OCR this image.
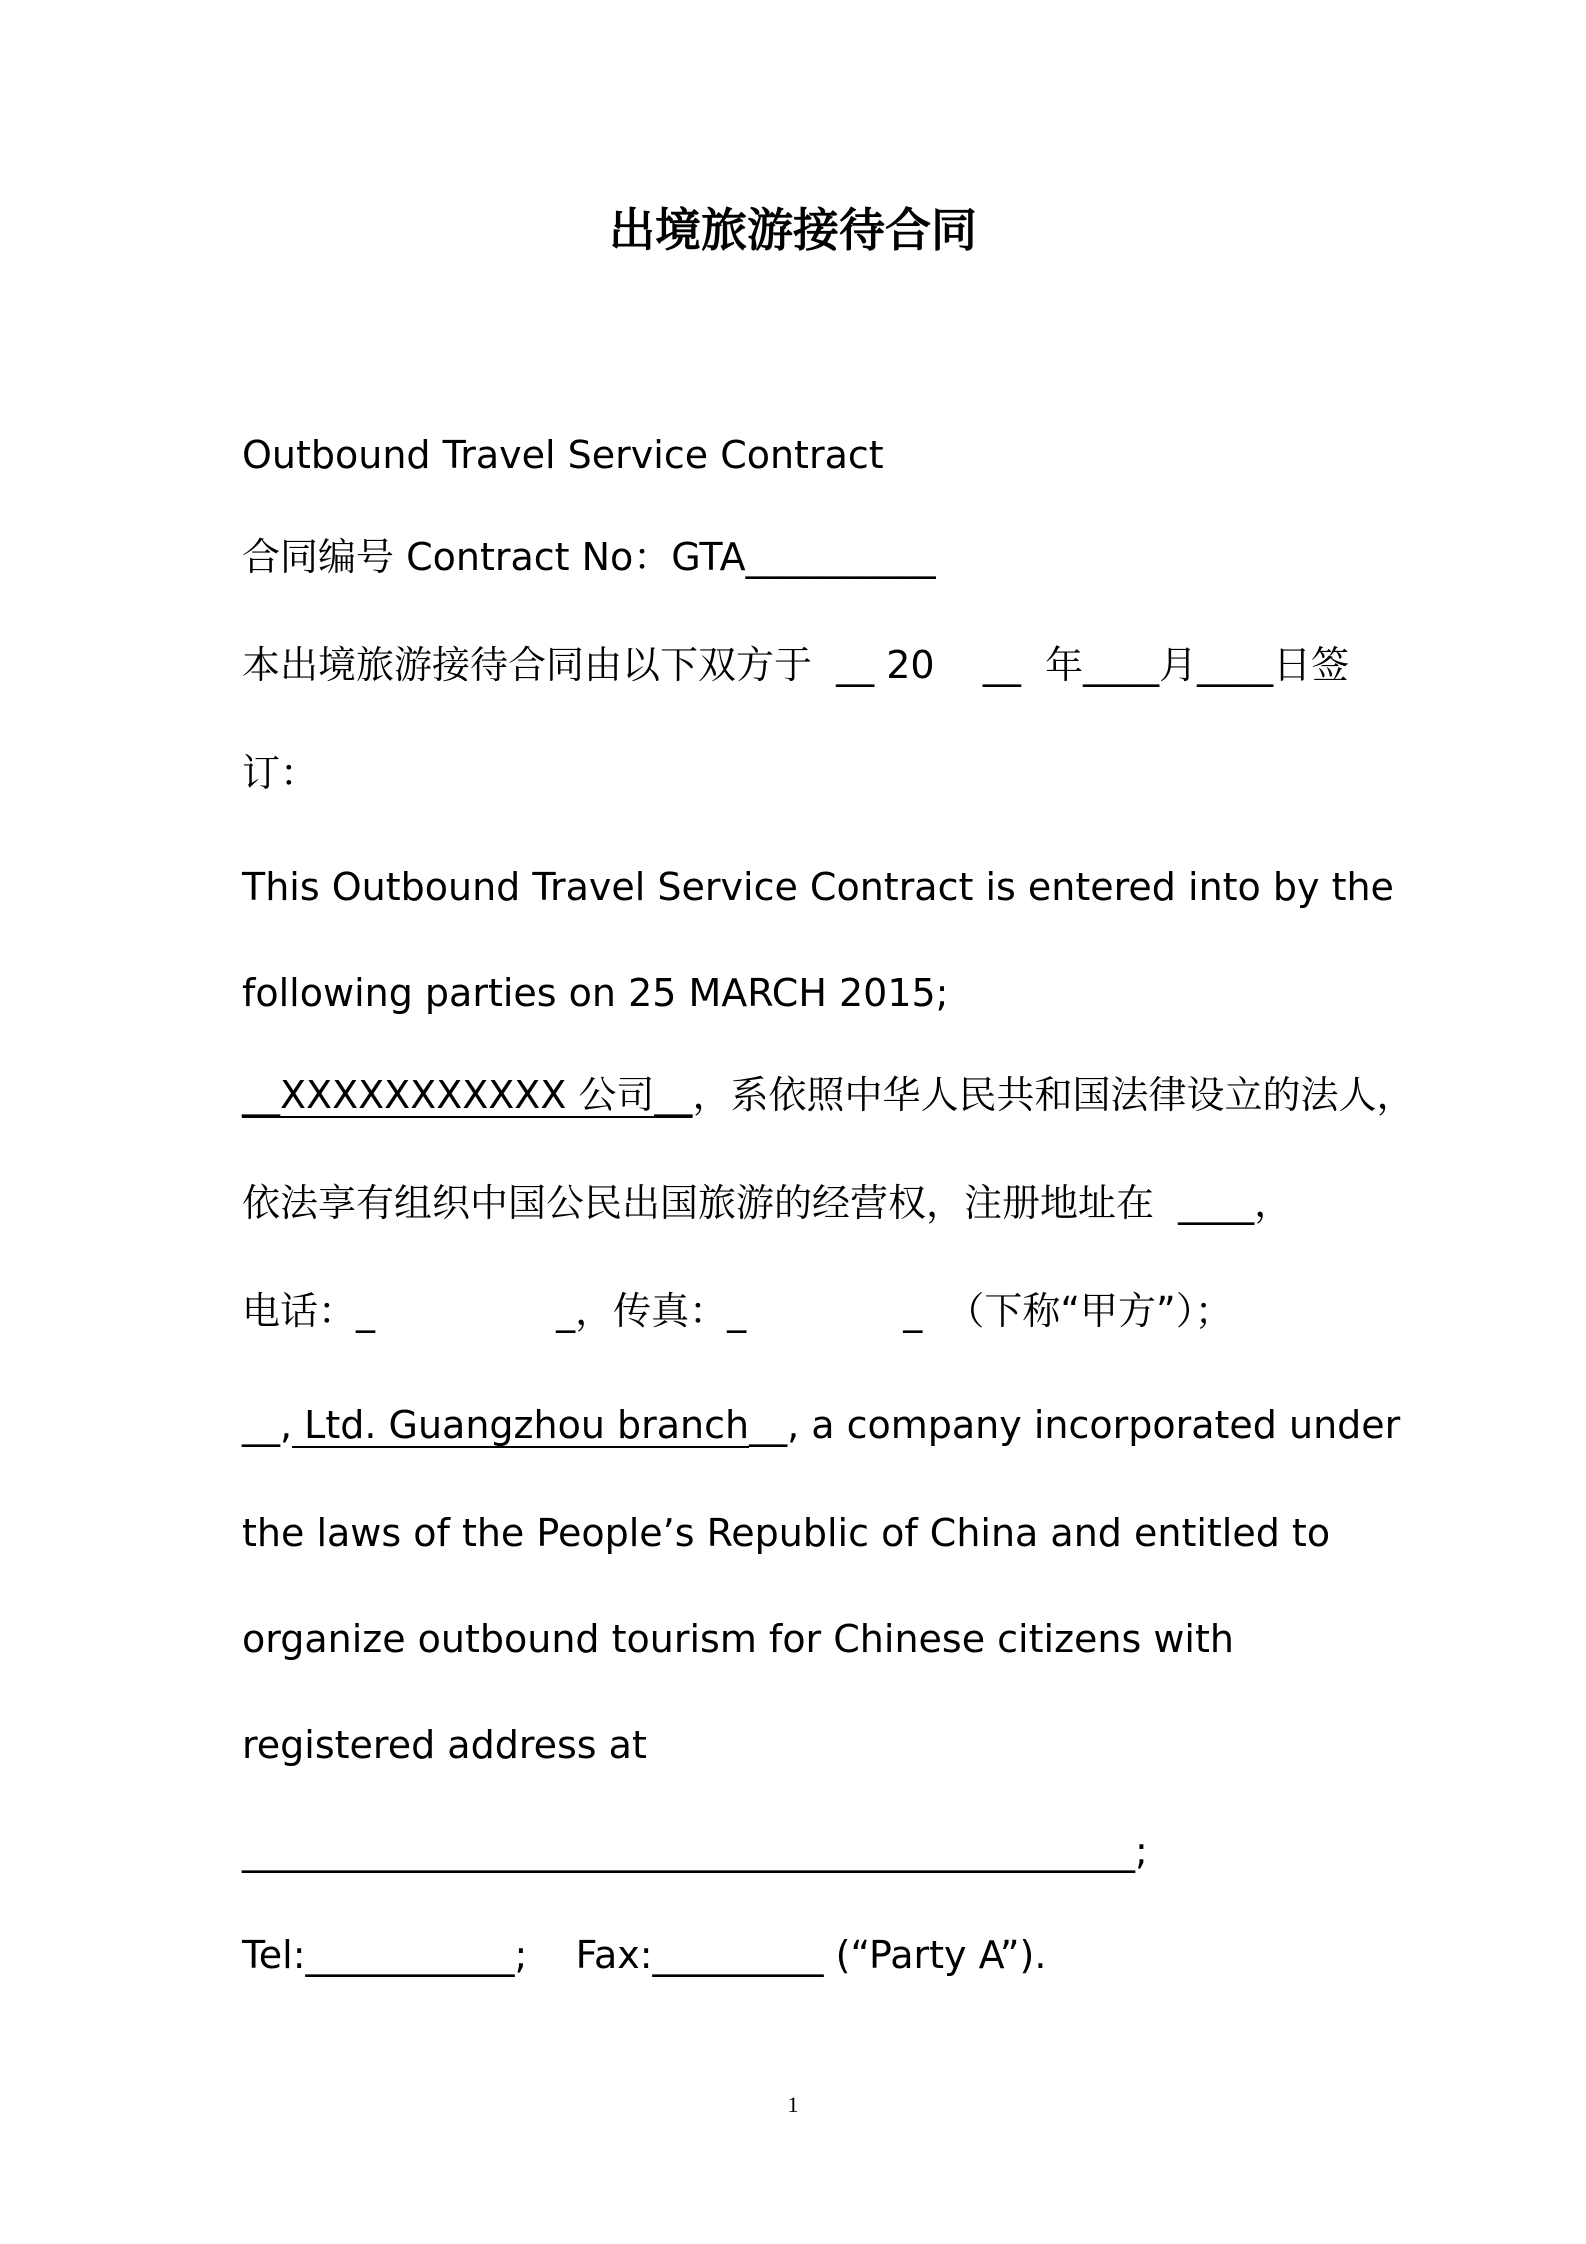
出境旅游接待合同

Outbound Travel Service Contract

合同编号 Contract No：GTA__________

本出境旅游接待合同由以下双方于  __ 20    __  年____月____日签

订：

This Outbound Travel Service Contract is entered into by the

following parties on 25 MARCH 2015;

__XXXXXXXXXXX 公司__，系依照中华人民共和国法律设立的法人，

依法享有组织中国公民出国旅游的经营权，注册地址在  ____，

电话：_               _，传真：_             _  （下称“甲方”）；

__, Ltd. Guangzhou branch__, a company incorporated under

the laws of the People’s Republic of China and entitled to

organize outbound tourism for Chinese citizens with

registered address at

_______________________________________________;

Tel:___________;    Fax:_________ (“Party A”).

1
